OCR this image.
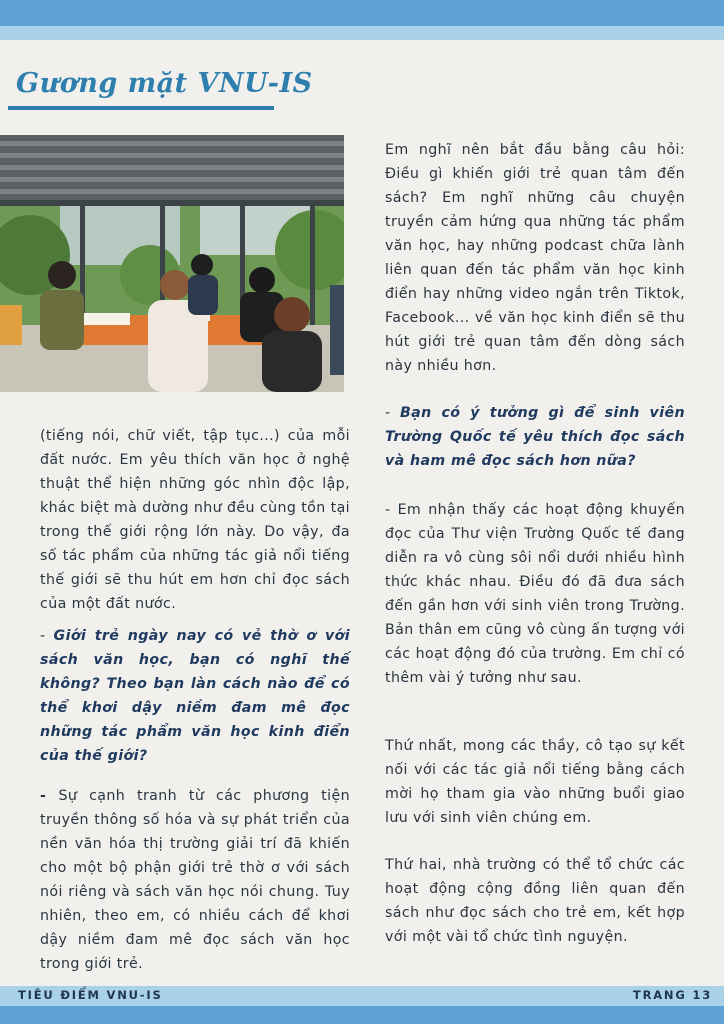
Gương mặt VNU-IS

(tiếng nói, chữ viết, tập tục...) của mỗi đất nước. Em yêu thích văn học ở nghệ thuật thể hiện những góc nhìn độc lập, khác biệt mà dường như đều cùng tồn tại trong thế giới rộng lớn này. Do vậy, đa số tác phẩm của những tác giả nổi tiếng thế giới sẽ thu hút em hơn chỉ đọc sách của một đất nước.

- Giới trẻ ngày nay có vẻ thờ ơ với sách văn học, bạn có nghĩ thế không? Theo bạn làn cách nào để có thể khơi dậy niềm đam mê đọc những tác phẩm văn học kinh điển của thế giới?

- Sự cạnh tranh từ các phương tiện truyền thông số hóa và sự phát triển của nền văn hóa thị trường giải trí đã khiến cho một bộ phận giới trẻ thờ ơ với sách nói riêng và sách văn học nói chung. Tuy nhiên, theo em, có nhiều cách để khơi dậy niềm đam mê đọc sách văn học trong giới trẻ.

Em nghĩ nên bắt đầu bằng câu hỏi: Điều gì khiến giới trẻ quan tâm đến sách? Em nghĩ những câu chuyện truyền cảm hứng qua những tác phẩm văn học, hay những podcast chữa lành liên quan đến tác phẩm văn học kinh điển hay những video ngắn trên Tiktok, Facebook... về văn học kinh điển sẽ thu hút giới trẻ quan tâm đến dòng sách này nhiều hơn.

- Bạn có ý tưởng gì để sinh viên Trường Quốc tế yêu thích đọc sách và ham mê đọc sách hơn nữa?

- Em nhận thấy các hoạt động khuyến đọc của Thư viện Trường Quốc tế đang diễn ra vô cùng sôi nổi dưới nhiều hình thức khác nhau. Điều đó đã đưa sách đến gần hơn với sinh viên trong Trường. Bản thân em cũng vô cùng ấn tượng với các hoạt động đó của trường. Em chỉ có thêm vài ý tưởng như sau.

Thứ nhất, mong các thầy, cô tạo sự kết nối với các tác giả nổi tiếng bằng cách mời họ tham gia vào những buổi giao lưu với sinh viên chúng em.

Thứ hai, nhà trường có thể tổ chức các hoạt động cộng đồng liên quan đến sách như đọc sách cho trẻ em, kết hợp với một vài tổ chức tình nguyện.

TIÊU ĐIỂM VNU-IS	TRANG 13
